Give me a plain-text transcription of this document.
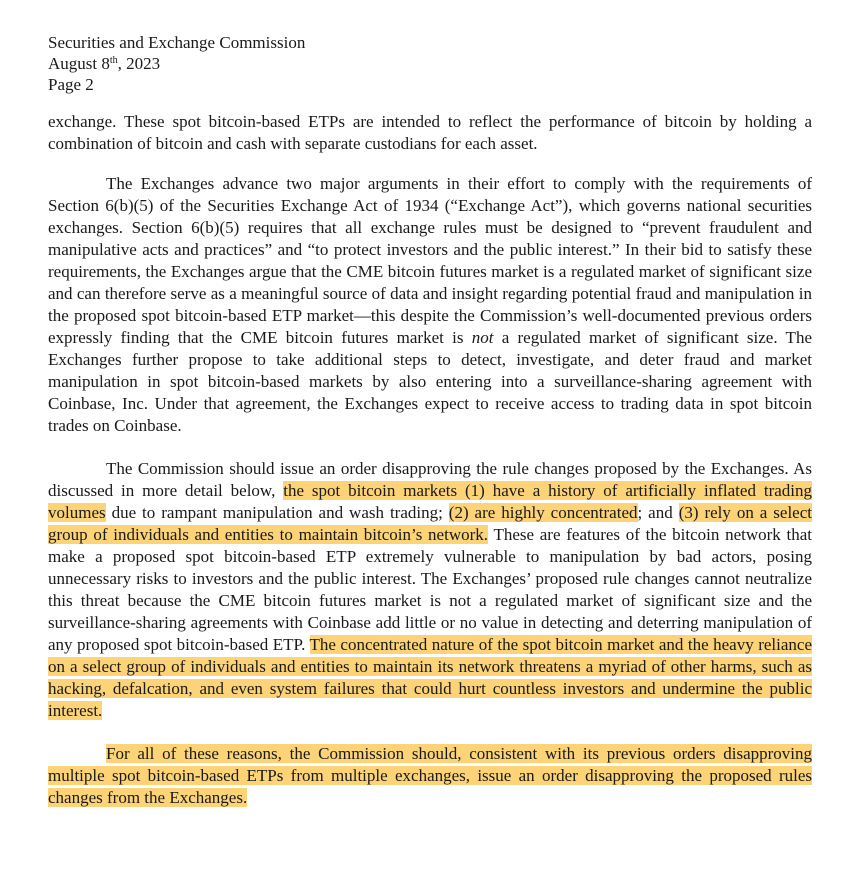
Securities and Exchange Commission
August 8th, 2023
Page 2

exchange. These spot bitcoin-based ETPs are intended to reflect the performance of bitcoin by holding a combination of bitcoin and cash with separate custodians for each asset.

The Exchanges advance two major arguments in their effort to comply with the requirements of Section 6(b)(5) of the Securities Exchange Act of 1934 (“Exchange Act”), which governs national securities exchanges. Section 6(b)(5) requires that all exchange rules must be designed to “prevent fraudulent and manipulative acts and practices” and “to protect investors and the public interest.” In their bid to satisfy these requirements, the Exchanges argue that the CME bitcoin futures market is a regulated market of significant size and can therefore serve as a meaningful source of data and insight regarding potential fraud and manipulation in the proposed spot bitcoin-based ETP market—this despite the Commission’s well-documented previous orders expressly finding that the CME bitcoin futures market is not a regulated market of significant size. The Exchanges further propose to take additional steps to detect, investigate, and deter fraud and market manipulation in spot bitcoin-based markets by also entering into a surveillance-sharing agreement with Coinbase, Inc. Under that agreement, the Exchanges expect to receive access to trading data in spot bitcoin trades on Coinbase.

The Commission should issue an order disapproving the rule changes proposed by the Exchanges. As discussed in more detail below, the spot bitcoin markets (1) have a history of artificially inflated trading volumes due to rampant manipulation and wash trading; (2) are highly concentrated; and (3) rely on a select group of individuals and entities to maintain bitcoin’s network. These are features of the bitcoin network that make a proposed spot bitcoin-based ETP extremely vulnerable to manipulation by bad actors, posing unnecessary risks to investors and the public interest. The Exchanges’ proposed rule changes cannot neutralize this threat because the CME bitcoin futures market is not a regulated market of significant size and the surveillance-sharing agreements with Coinbase add little or no value in detecting and deterring manipulation of any proposed spot bitcoin-based ETP. The concentrated nature of the spot bitcoin market and the heavy reliance on a select group of individuals and entities to maintain its network threatens a myriad of other harms, such as hacking, defalcation, and even system failures that could hurt countless investors and undermine the public interest.

For all of these reasons, the Commission should, consistent with its previous orders disapproving multiple spot bitcoin-based ETPs from multiple exchanges, issue an order disapproving the proposed rules changes from the Exchanges.
